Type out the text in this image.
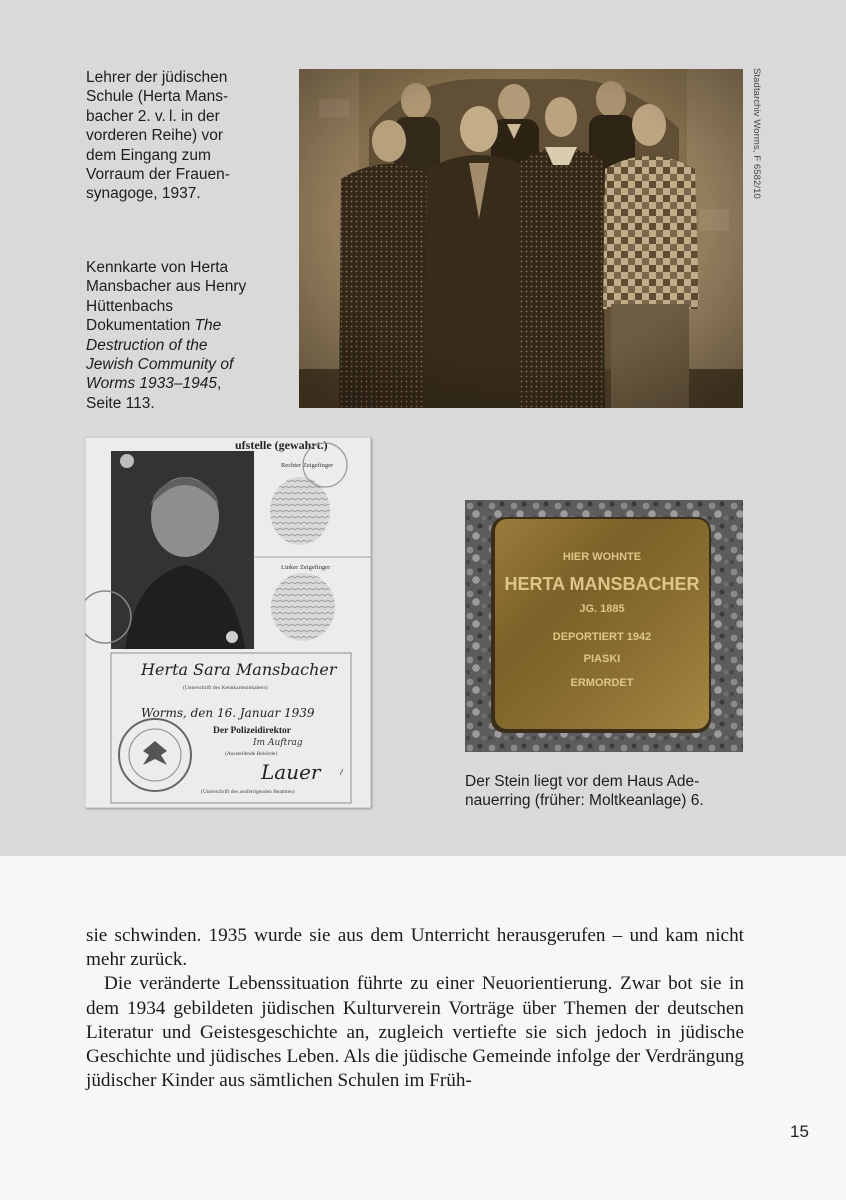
Lehrer der jüdischen Schule (Herta Mansbacher 2. v. l. in der vorderen Reihe) vor dem Eingang zum Vorraum der Frauensynagoge, 1937.

Kennkarte von Herta Mansbacher aus Henry Hüttenbachs Dokumentation The Destruction of the Jewish Community of Worms 1933–1945, Seite 113.

Stadtarchiv Worms, F 6582/10
ufstelle (gewahrt.)
Rechter Zeigefinger
Linker Zeigefinger
Herta Sara Mansbacher
(Unterschrift des Kennkarteninhabers)
Worms, den 16. Januar 1939
Der Polizeidirektor
Im Auftrag
(Ausstellende Behörde)
Lauer
(Unterschrift des ausfertigenden Beamten)
~
HIER WOHNTE
HERTA MANSBACHER
JG. 1885
DEPORTIERT 1942
PIASKI
ERMORDET

Der Stein liegt vor dem Haus Adenauerring (früher: Moltkeanlage) 6.

sie schwinden. 1935 wurde sie aus dem Unterricht herausgerufen – und kam nicht mehr zurück.

Die veränderte Lebenssituation führte zu einer Neuorientierung. Zwar bot sie in dem 1934 gebildeten jüdischen Kulturverein Vorträge über Themen der deutschen Literatur und Geistesgeschichte an, zugleich vertiefte sie sich jedoch in jüdische Geschichte und jüdisches Leben. Als die jüdische Gemeinde infolge der Verdrängung jüdischer Kinder aus sämtlichen Schulen im Früh-

15
